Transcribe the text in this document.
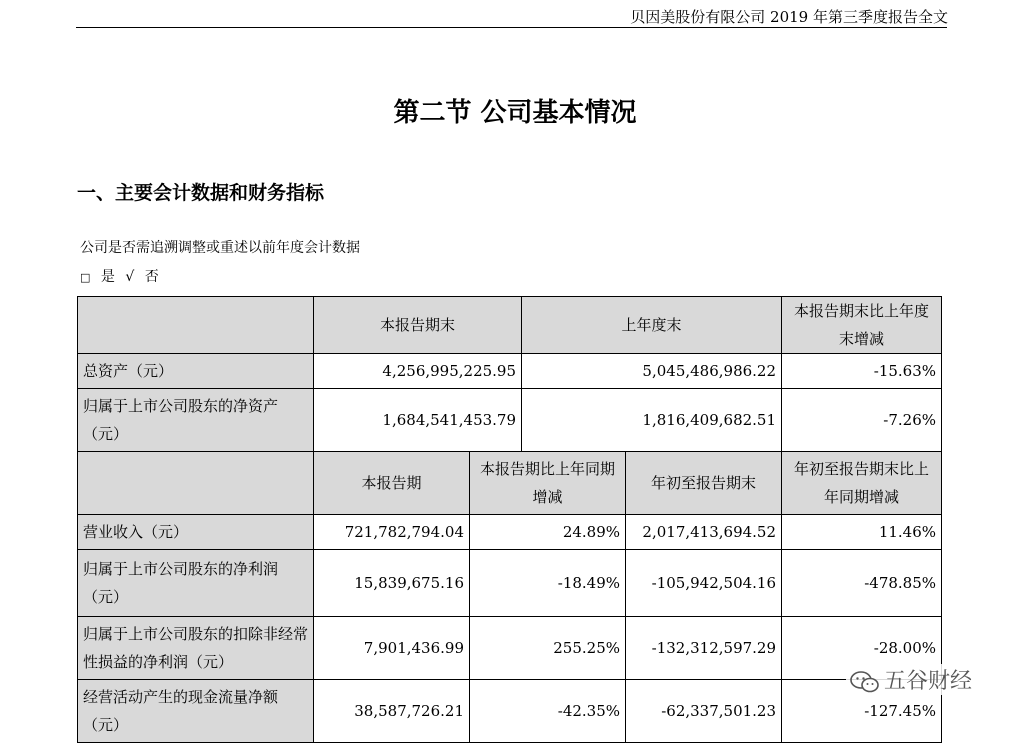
贝因美股份有限公司 2019 年第三季度报告全文
第二节 公司基本情况
一、主要会计数据和财务指标
公司是否需追溯调整或重述以前年度会计数据
□ 是 √ 否
	本报告期末		上年度末		本报告期末比上年度末增减
总资产（元）	4,256,995,225.95		5,045,486,986.22		-15.63%
归属于上市公司股东的净资产（元）	1,684,541,453.79		1,816,409,682.51		-7.26%
	本报告期	本报告期比上年同期增减		年初至报告期末	年初至报告期末比上年同期增减
营业收入（元）	721,782,794.04	24.89%		2,017,413,694.52	11.46%
归属于上市公司股东的净利润（元）	15,839,675.16	-18.49%		-105,942,504.16	-478.85%
归属于上市公司股东的扣除非经常性损益的净利润（元）	7,901,436.99	255.25%		-132,312,597.29	-28.00%
经营活动产生的现金流量净额（元）	38,587,726.21	-42.35%		-62,337,501.23	-127.45%
五谷财经
